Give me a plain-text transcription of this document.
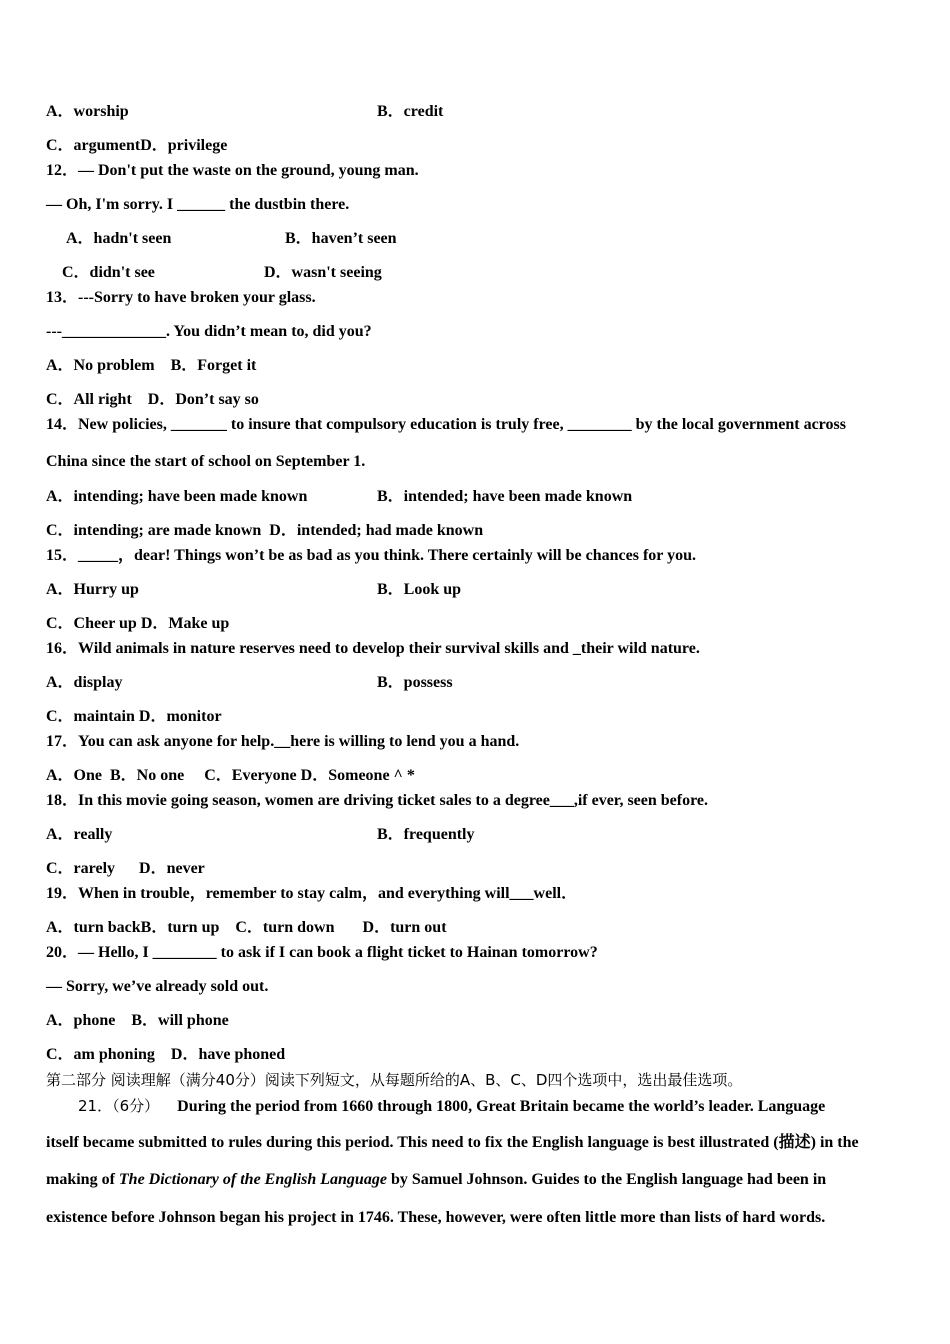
A．worship	B．credit
C．argumentD．privilege
12．— Don't put the waste on the ground, young man.
— Oh, I'm sorry. I ______ the dustbin there.
A．hadn't seen	B．haven’t seen
C．didn't see	D．wasn't seeing
13．---Sorry to have broken your glass.
---_____________. You didn’t mean to, did you?
A．No problem    B．Forget it
C．All right    D．Don’t say so
14．New policies, _______ to insure that compulsory education is truly free, ________ by the local government across
China since the start of school on September 1.
A．intending; have been made known	B．intended; have been made known
C．intending; are made known  D．intended; had made known
15．_____，dear! Things won’t be as bad as you think. There certainly will be chances for you.
A．Hurry up	B．Look up
C．Cheer up D．Make up
16．Wild animals in nature reserves need to develop their survival skills and _their wild nature.
A．display	B．possess
C．maintain D．monitor
17．You can ask anyone for help.__here is willing to lend you a hand.
A．One  B．No one     C．Everyone D．Someone ^ *
18．In this movie going season, women are driving ticket sales to a degree___,if ever, seen before.
A．really	B．frequently
C．rarely      D．never
19．When in trouble，remember to stay calm，and everything will___well．
A．turn backB．turn up    C．turn down       D．turn out
20．— Hello, I ________ to ask if I can book a flight ticket to Hainan tomorrow?
— Sorry, we’ve already sold out.
A．phone    B．will phone
C．am phoning    D．have phoned
第二部分 阅读理解（满分40分）阅读下列短文，从每题所给的A、B、C、D四个选项中，选出最佳选项。
21．（6分） During the period from 1660 through 1800, Great Britain became the world’s leader. Language
itself became submitted to rules during this period. This need to fix the English language is best illustrated (描述) in the
making of The Dictionary of the English Language by Samuel Johnson. Guides to the English language had been in
existence before Johnson began his project in 1746. These, however, were often little more than lists of hard words.
